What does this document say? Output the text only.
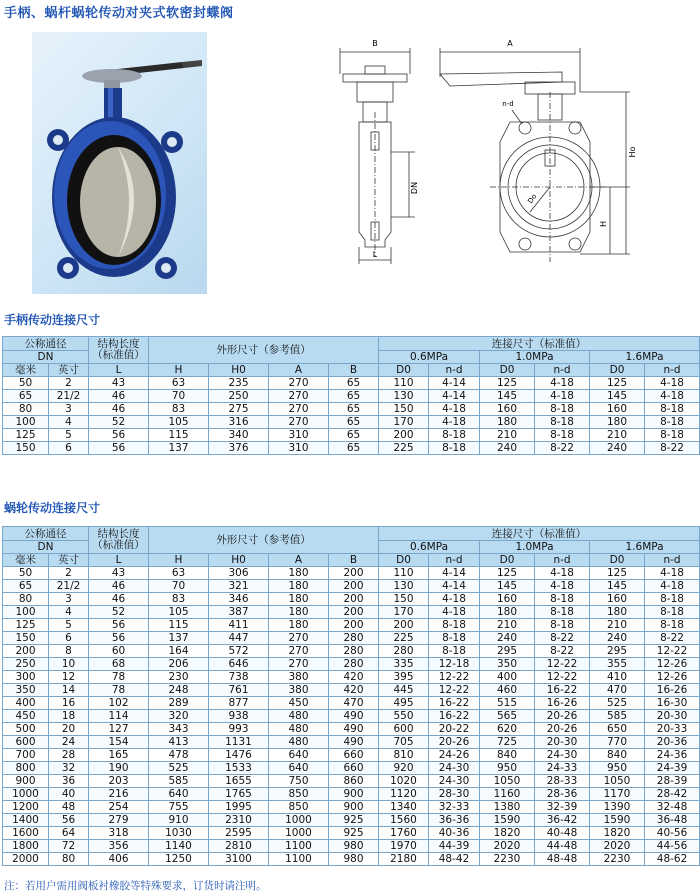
手柄、蜗杆蜗轮传动对夹式软密封蝶阀
B
DN
L
A
n-d
Do
Ho
H
手柄传动连接尺寸
公称通径		结构长度
（标准值）	外形尺寸（参考值）				连接尺寸（标准值）					
DN							0.6MPa		1.0MPa		1.6MPa	
毫米	英寸	L	H	H0	A	B	D0	n-d	D0	n-d	D0	n-d
50	2	43	63	235	270	65	110	4-14	125	4-18	125	4-18
65	21/2	46	70	250	270	65	130	4-14	145	4-18	145	4-18
80	3	46	83	275	270	65	150	4-18	160	8-18	160	8-18
100	4	52	105	316	270	65	170	4-18	180	8-18	180	8-18
125	5	56	115	340	310	65	200	8-18	210	8-18	210	8-18
150	6	56	137	376	310	65	225	8-18	240	8-22	240	8-22
蜗轮传动连接尺寸
公称通径		结构长度
（标准值）	外形尺寸（参考值）				连接尺寸（标准值）					
DN							0.6MPa		1.0MPa		1.6MPa	
毫米	英寸	L	H	H0	A	B	D0	n-d	D0	n-d	D0	n-d
50	2	43	63	306	180	200	110	4-14	125	4-18	125	4-18
65	21/2	46	70	321	180	200	130	4-14	145	4-18	145	4-18
80	3	46	83	346	180	200	150	4-18	160	8-18	160	8-18
100	4	52	105	387	180	200	170	4-18	180	8-18	180	8-18
125	5	56	115	411	180	200	200	8-18	210	8-18	210	8-18
150	6	56	137	447	270	280	225	8-18	240	8-22	240	8-22
200	8	60	164	572	270	280	280	8-18	295	8-22	295	12-22
250	10	68	206	646	270	280	335	12-18	350	12-22	355	12-26
300	12	78	230	738	380	420	395	12-22	400	12-22	410	12-26
350	14	78	248	761	380	420	445	12-22	460	16-22	470	16-26
400	16	102	289	877	450	470	495	16-22	515	16-26	525	16-30
450	18	114	320	938	480	490	550	16-22	565	20-26	585	20-30
500	20	127	343	993	480	490	600	20-22	620	20-26	650	20-33
600	24	154	413	1131	480	490	705	20-26	725	20-30	770	20-36
700	28	165	478	1476	640	660	810	24-26	840	24-30	840	24-36
800	32	190	525	1533	640	660	920	24-30	950	24-33	950	24-39
900	36	203	585	1655	750	860	1020	24-30	1050	28-33	1050	28-39
1000	40	216	640	1765	850	900	1120	28-30	1160	28-36	1170	28-42
1200	48	254	755	1995	850	900	1340	32-33	1380	32-39	1390	32-48
1400	56	279	910	2310	1000	925	1560	36-36	1590	36-42	1590	36-48
1600	64	318	1030	2595	1000	925	1760	40-36	1820	40-48	1820	40-56
1800	72	356	1140	2810	1100	980	1970	44-39	2020	44-48	2020	44-56
2000	80	406	1250	3100	1100	980	2180	48-42	2230	48-48	2230	48-62
注：若用户需用阀板衬橡胶等特殊要求，订货时请注明。
